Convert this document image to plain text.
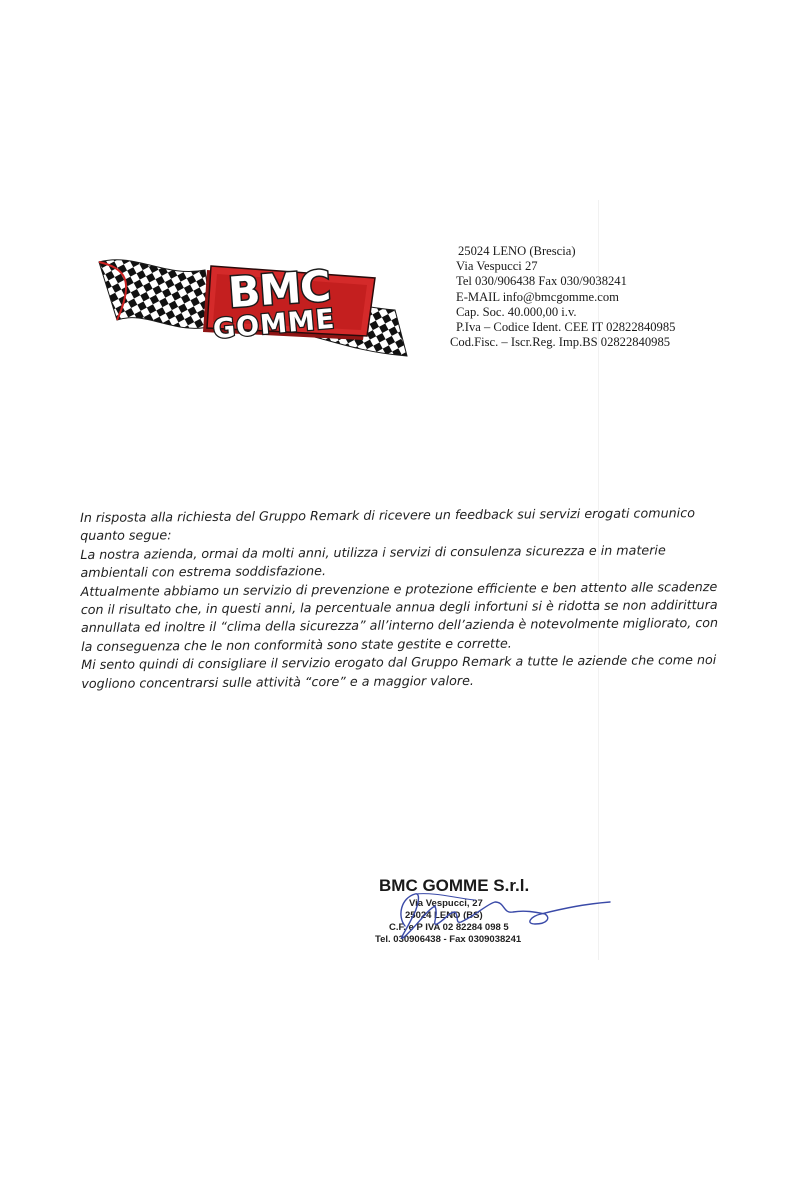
BMC
GOMME
S.r.l.
25024 LENO (Brescia)
Via Vespucci 27
Tel 030/906438 Fax 030/9038241
E-MAIL info@bmcgomme.com
Cap. Soc. 40.000,00 i.v.
P.Iva – Codice Ident. CEE IT 02822840985
Cod.Fisc. – Iscr.Reg. Imp.BS 02822840985

In risposta alla richiesta del Gruppo Remark di ricevere un feedback sui servizi erogati comunico

quanto segue:

La nostra azienda, ormai da molti anni, utilizza i servizi di consulenza sicurezza e in materie

ambientali con estrema soddisfazione.

Attualmente abbiamo un servizio di prevenzione e protezione efficiente e ben attento alle scadenze

con il risultato che, in questi anni, la percentuale annua degli infortuni si è ridotta se non addirittura

annullata ed inoltre il “clima della sicurezza” all’interno dell’azienda è notevolmente migliorato, con

la conseguenza che le non conformità sono state gestite e corrette.

Mi sento quindi di consigliare il servizio erogato dal Gruppo Remark a tutte le aziende che come noi

vogliono concentrarsi sulle attività “core” e a maggior valore.

BMC GOMME S.r.l.
Via Vespucci, 27
25024 LENO (BS)
C.F. e P IVA 02 82284 098 5
Tel. 030906438 - Fax 0309038241
